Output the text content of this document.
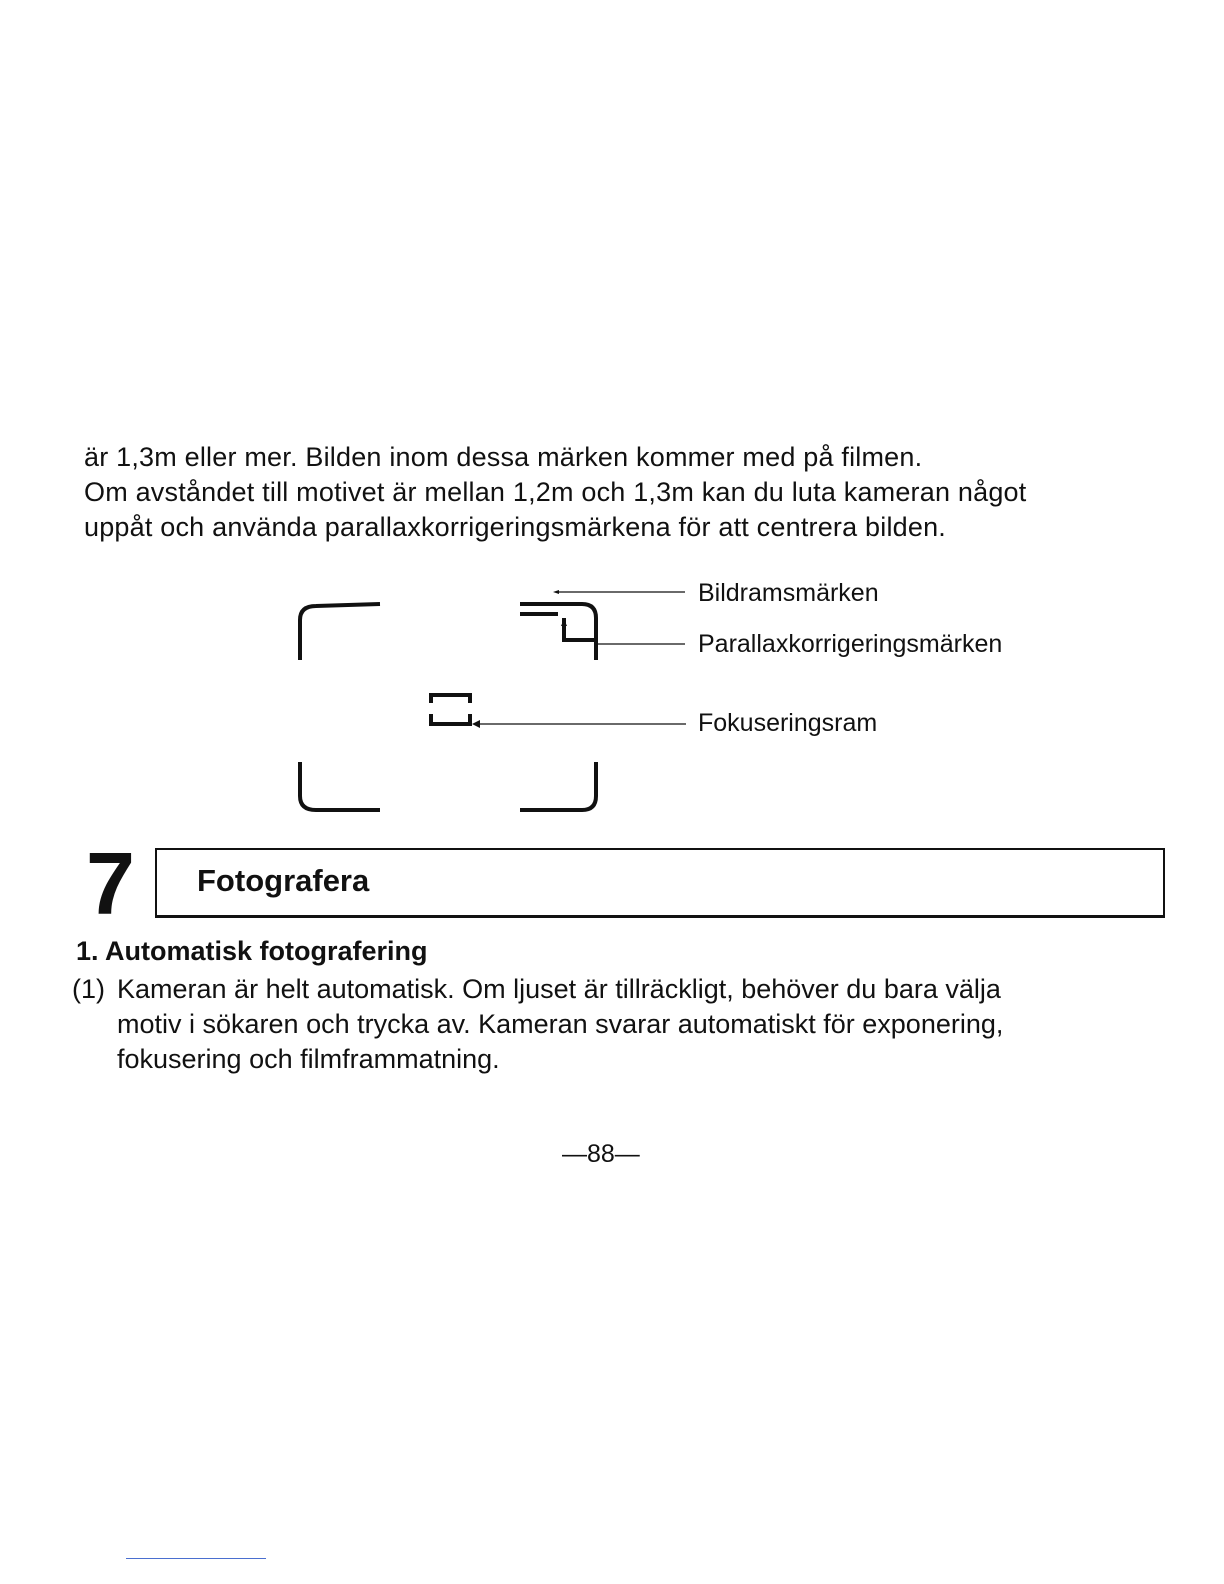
är 1,3m eller mer. Bilden inom dessa märken kommer med på filmen.

Om avståndet till motivet är mellan 1,2m och 1,3m kan du luta kameran något

uppåt och använda parallaxkorrigeringsmärkena för att centrera bilden.

Bildramsmärken
Parallaxkorrigeringsmärken
Fokuseringsram
7 Fotografera
1. Automatisk fotografering
(1) Kameran är helt automatisk. Om ljuset är tillräckligt, behöver du bara välja

motiv i sökaren och trycka av. Kameran svarar automatiskt för exponering,

fokusering och filmframmatning.

—88—
